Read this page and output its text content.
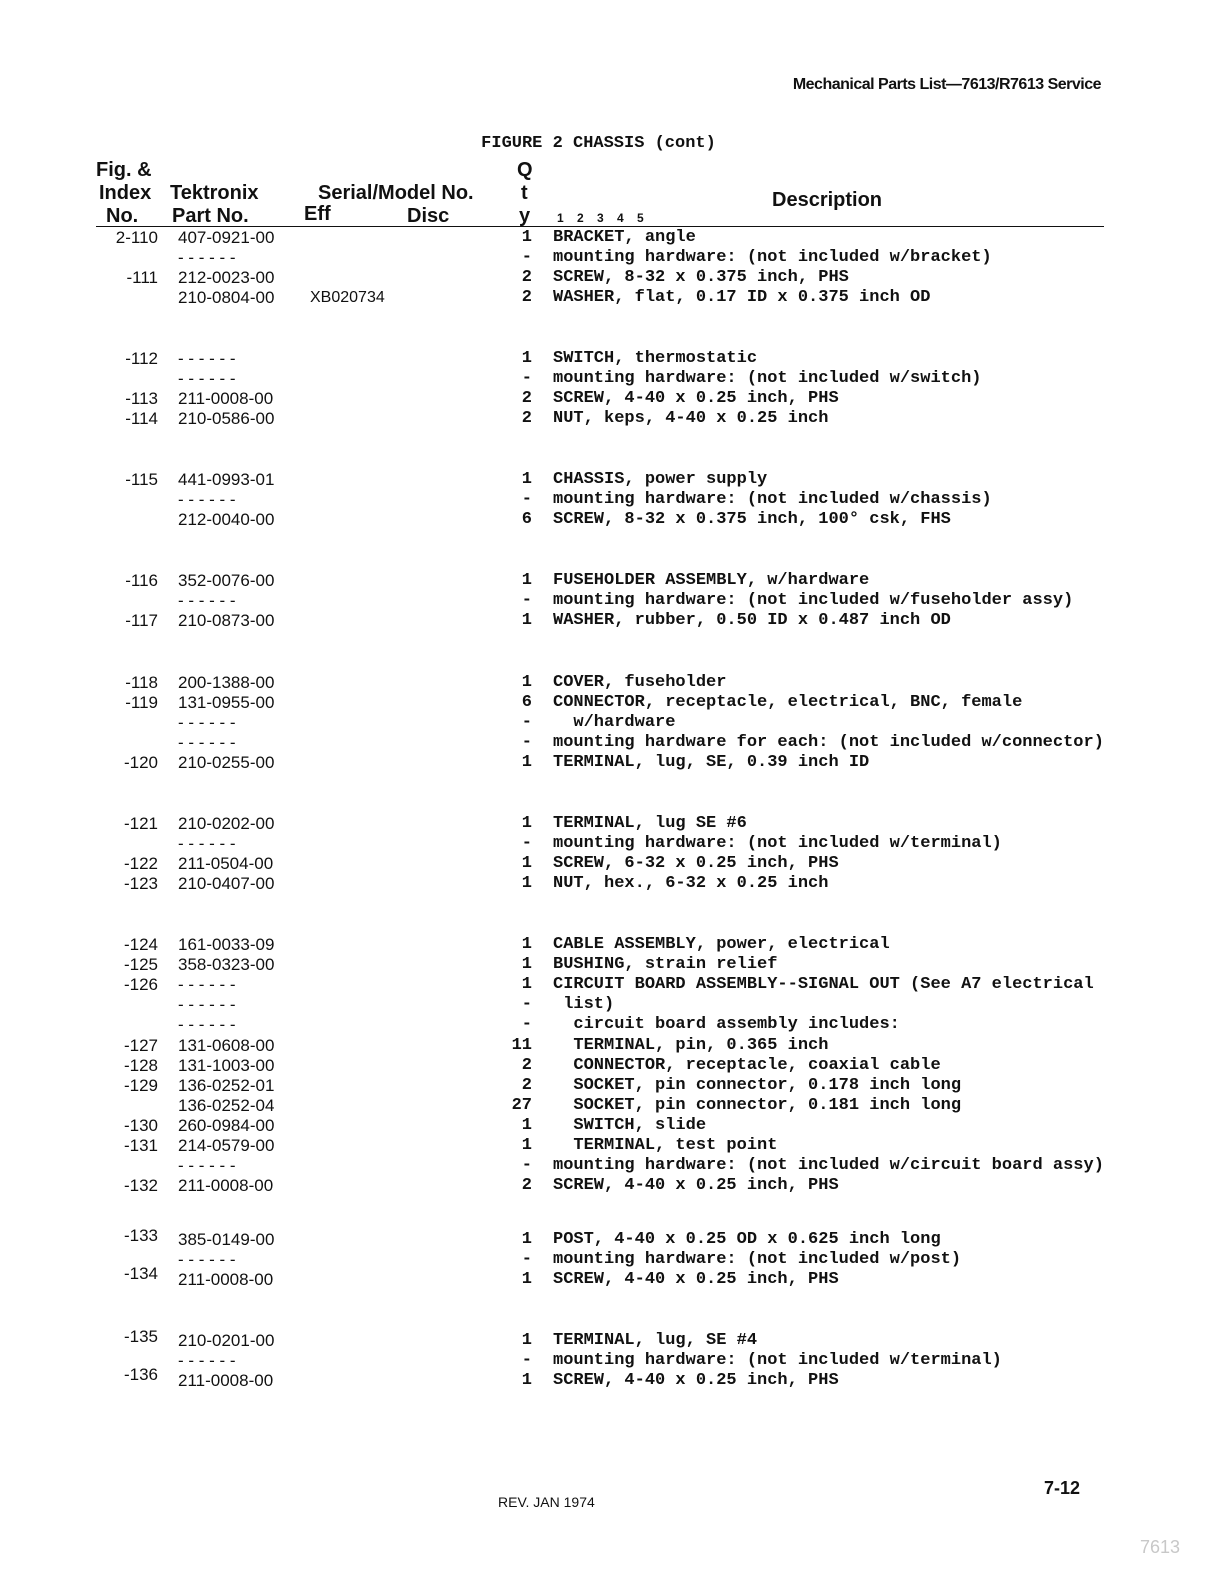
Mechanical Parts List—7613/R7613 Service
FIGURE 2 CHASSIS (cont)
Fig. &
Index
No.
Tektronix
Part No.
Serial/Model No.
Eff	Disc
Q
t
y
Description
1 2 3 4 5
2-110 407-0921-00	1 BRACKET, angle
- - - - - -	- mounting hardware: (not included w/bracket)
-111 212-0023-00	2 SCREW, 8-32 x 0.375 inch, PHS
210-0804-00 XB020734	2 WASHER, flat, 0.17 ID x 0.375 inch OD
-112 - - - - - -	1 SWITCH, thermostatic
- - - - - -	- mounting hardware: (not included w/switch)
-113 211-0008-00	2 SCREW, 4-40 x 0.25 inch, PHS
-114 210-0586-00	2 NUT, keps, 4-40 x 0.25 inch
-115 441-0993-01	1 CHASSIS, power supply
- - - - - -	- mounting hardware: (not included w/chassis)
212-0040-00	6 SCREW, 8-32 x 0.375 inch, 100° csk, FHS
-116 352-0076-00	1 FUSEHOLDER ASSEMBLY, w/hardware
- - - - - -	- mounting hardware: (not included w/fuseholder assy)
-117 210-0873-00	1 WASHER, rubber, 0.50 ID x 0.487 inch OD
-118 200-1388-00	1 COVER, fuseholder
-119 131-0955-00	6 CONNECTOR, receptacle, electrical, BNC, female
- - - - - -	- w/hardware
- - - - - -	- mounting hardware for each: (not included w/connector)
-120 210-0255-00	1 TERMINAL, lug, SE, 0.39 inch ID
-121 210-0202-00	1 TERMINAL, lug SE #6
- - - - - -	- mounting hardware: (not included w/terminal)
-122 211-0504-00	1 SCREW, 6-32 x 0.25 inch, PHS
-123 210-0407-00	1 NUT, hex., 6-32 x 0.25 inch
-124 161-0033-09	1 CABLE ASSEMBLY, power, electrical
-125 358-0323-00	1 BUSHING, strain relief
-126 - - - - - -	1 CIRCUIT BOARD ASSEMBLY--SIGNAL OUT (See A7 electrical
- - - - - -	- list)
- - - - - -	- circuit board assembly includes:
-127 131-0608-00	11 TERMINAL, pin, 0.365 inch
-128 131-1003-00	2 CONNECTOR, receptacle, coaxial cable
-129 136-0252-01	2 SOCKET, pin connector, 0.178 inch long
136-0252-04	27 SOCKET, pin connector, 0.181 inch long
-130 260-0984-00	1 SWITCH, slide
-131 214-0579-00	1 TERMINAL, test point
- - - - - -	- mounting hardware: (not included w/circuit board assy)
-132 211-0008-00	2 SCREW, 4-40 x 0.25 inch, PHS
-133 385-0149-00	1 POST, 4-40 x 0.25 OD x 0.625 inch long
- - - - - -	- mounting hardware: (not included w/post)
-134 211-0008-00	1 SCREW, 4-40 x 0.25 inch, PHS
-135 210-0201-00	1 TERMINAL, lug, SE #4
- - - - - -	- mounting hardware: (not included w/terminal)
-136 211-0008-00	1 SCREW, 4-40 x 0.25 inch, PHS
REV. JAN 1974
7-12
7613
